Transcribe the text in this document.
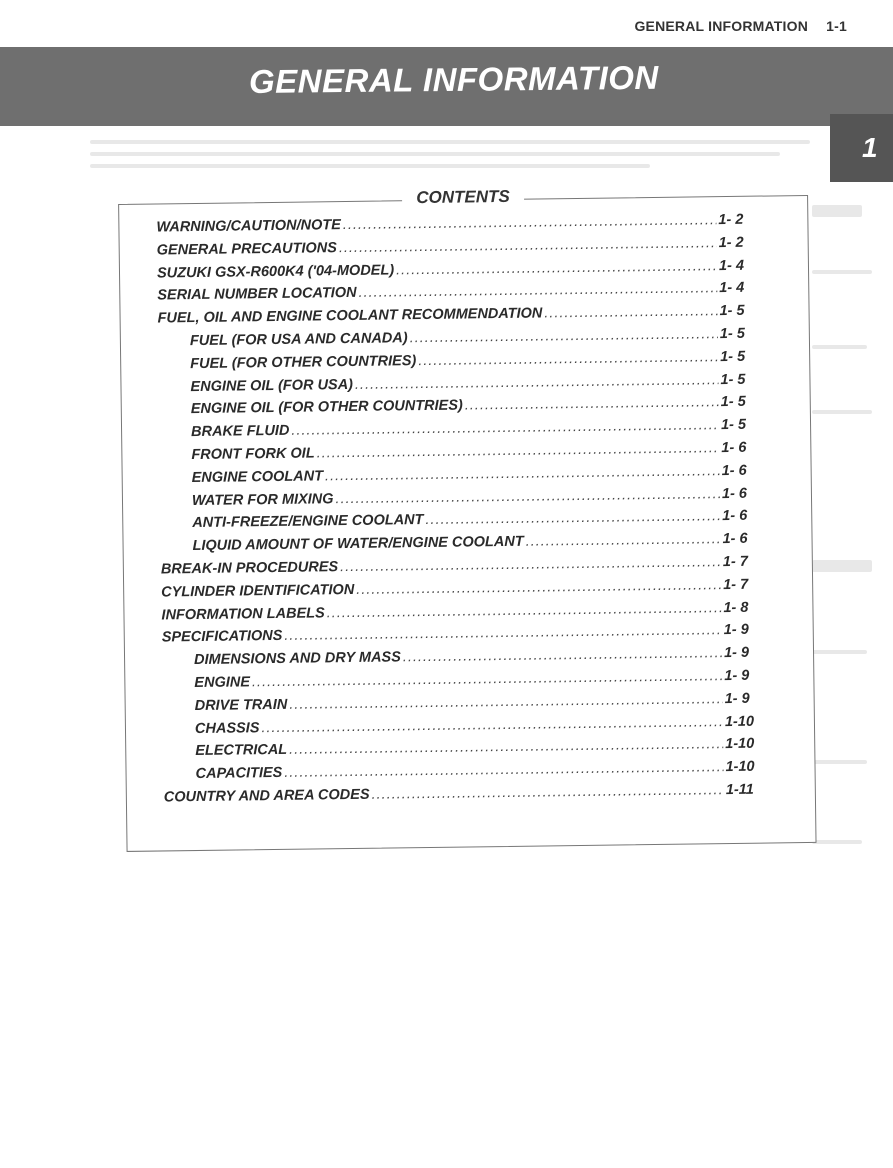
GENERAL INFORMATION 1-1
GENERAL INFORMATION
1
CONTENTS
WARNING/CAUTION/NOTE .....	1- 2
GENERAL PRECAUTIONS .....	1- 2
SUZUKI GSX-R600K4 ('04-MODEL) .....	1- 4
SERIAL NUMBER LOCATION .....	1- 4
FUEL, OIL AND ENGINE COOLANT RECOMMENDATION .....	1- 5
FUEL (FOR USA AND CANADA) .....	1- 5
FUEL (FOR OTHER COUNTRIES) .....	1- 5
ENGINE OIL (FOR USA) .....	1- 5
ENGINE OIL (FOR OTHER COUNTRIES) .....	1- 5
BRAKE FLUID .....	1- 5
FRONT FORK OIL .....	1- 6
ENGINE COOLANT .....	1- 6
WATER FOR MIXING .....	1- 6
ANTI-FREEZE/ENGINE COOLANT .....	1- 6
LIQUID AMOUNT OF WATER/ENGINE COOLANT .....	1- 6
BREAK-IN PROCEDURES .....	1- 7
CYLINDER IDENTIFICATION .....	1- 7
INFORMATION LABELS .....	1- 8
SPECIFICATIONS .....	1- 9
DIMENSIONS AND DRY MASS .....	1- 9
ENGINE .....	1- 9
DRIVE TRAIN .....	1- 9
CHASSIS .....	1-10
ELECTRICAL .....	1-10
CAPACITIES .....	1-10
COUNTRY AND AREA CODES .....	1-11
